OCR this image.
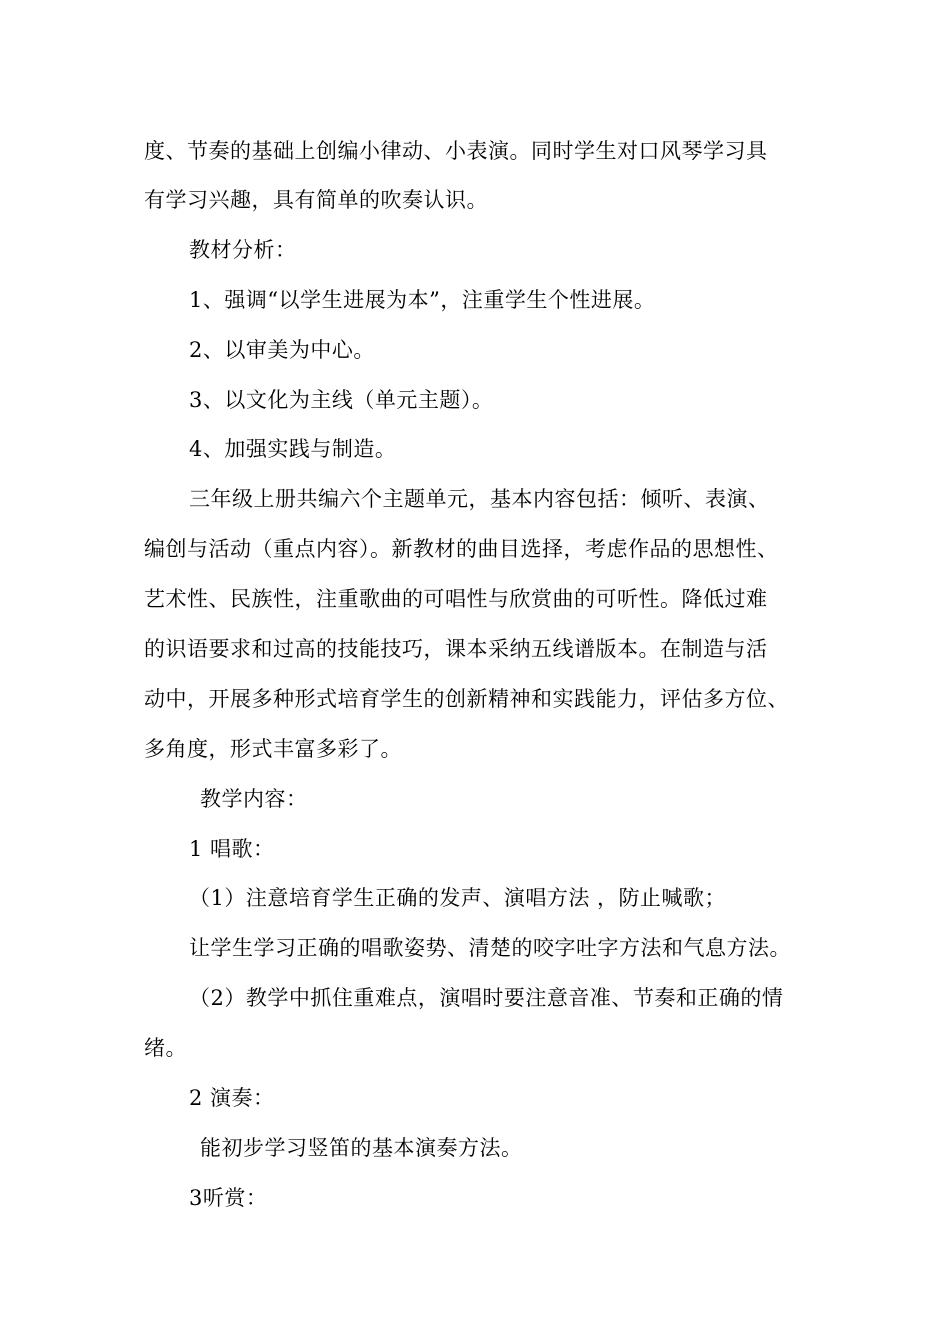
度、节奏的基础上创编小律动、小表演。同时学生对口风琴学习具
有学习兴趣，具有简单的吹奏认识。
教材分析：
1、强调“以学生进展为本”，注重学生个性进展。
2、以审美为中心。
3、以文化为主线（单元主题）。
4、加强实践与制造。
三年级上册共编六个主题单元，基本内容包括：倾听、表演、
编创与活动（重点内容）。新教材的曲目选择，考虑作品的思想性、
艺术性、民族性，注重歌曲的可唱性与欣赏曲的可听性。降低过难
的识语要求和过高的技能技巧，课本采纳五线谱版本。在制造与活
动中，开展多种形式培育学生的创新精神和实践能力，评估多方位、
多角度，形式丰富多彩了。
教学内容：
1 唱歌：
（1）注意培育学生正确的发声、演唱方法 ，防止喊歌；
让学生学习正确的唱歌姿势、清楚的咬字吐字方法和气息方法。
（2）教学中抓住重难点，演唱时要注意音准、节奏和正确的情
绪。
2 演奏：
能初步学习竖笛的基本演奏方法。
3听赏：
